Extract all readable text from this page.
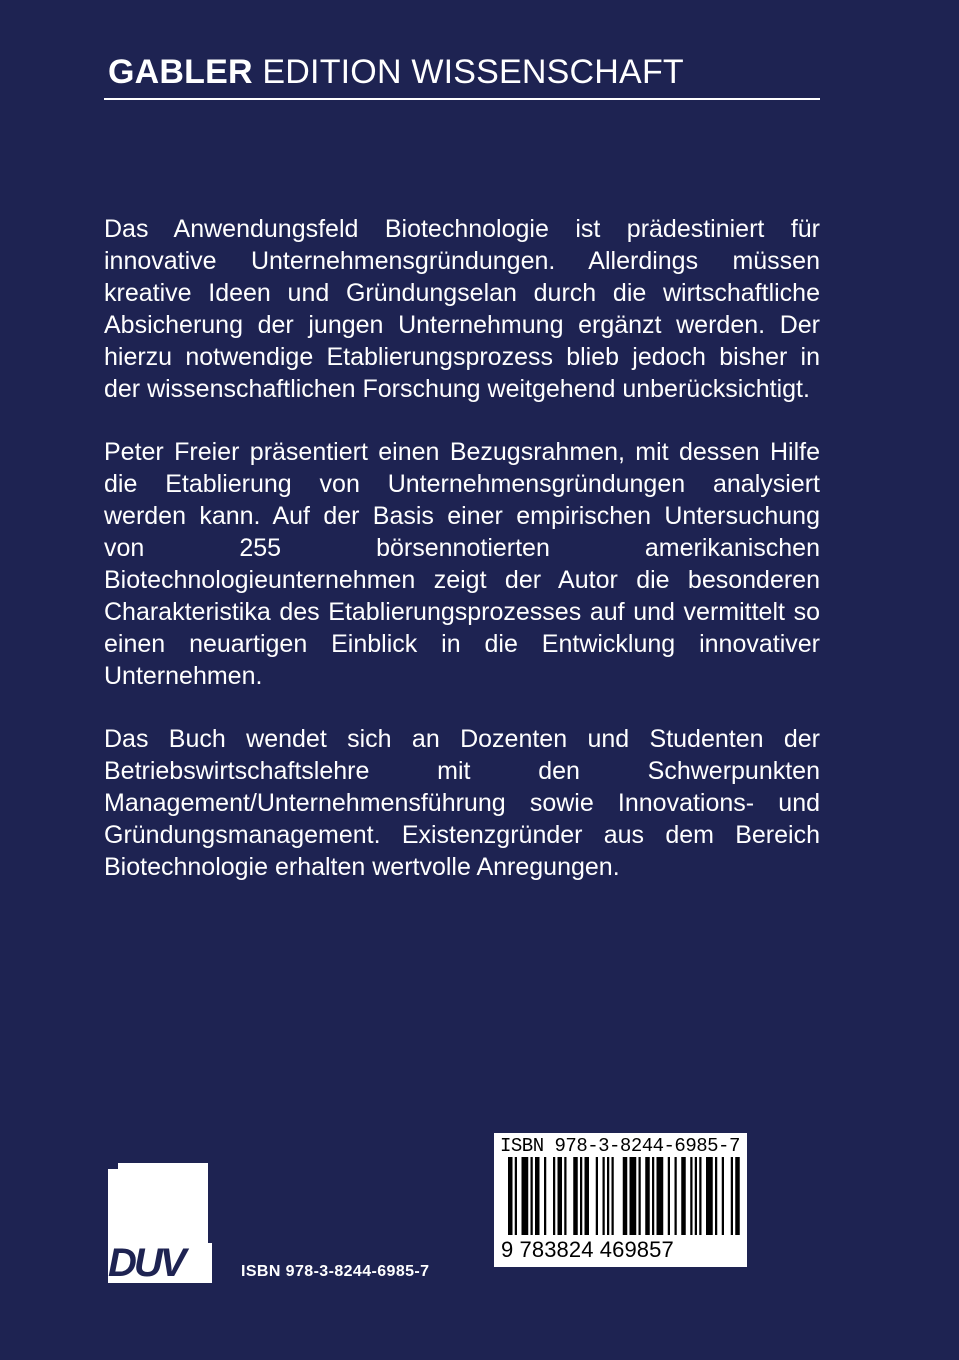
GABLER EDITION WISSENSCHAFT

Das Anwendungsfeld Biotechnologie ist prädestiniert für innovative Unternehmensgründungen. Allerdings müssen kreative Ideen und Gründungselan durch die wirtschaftliche Absicherung der jungen Unternehmung ergänzt werden. Der hierzu notwendige Etablierungsprozess blieb jedoch bisher in der wissenschaftlichen Forschung weitgehend unberücksichtigt.

Peter Freier präsentiert einen Bezugsrahmen, mit dessen Hilfe die Etablierung von Unternehmensgründungen analysiert werden kann. Auf der Basis einer empirischen Untersuchung von 255 börsennotierten amerikanischen Biotechnologieunternehmen zeigt der Autor die besonderen Charakteristika des Etablierungsprozesses auf und vermittelt so einen neuartigen Einblick in die Entwicklung innovativer Unternehmen.

Das Buch wendet sich an Dozenten und Studenten der Betriebswirtschaftslehre mit den Schwerpunkten Management/Unternehmensführung sowie Innovations- und Gründungsmanagement. Existenzgründer aus dem Bereich Biotechnologie erhalten wertvolle Anregungen.

DUV	ISBN 978-3-8244-6985-7
ISBN 978-3-8244-6985-7
9 783824 469857
